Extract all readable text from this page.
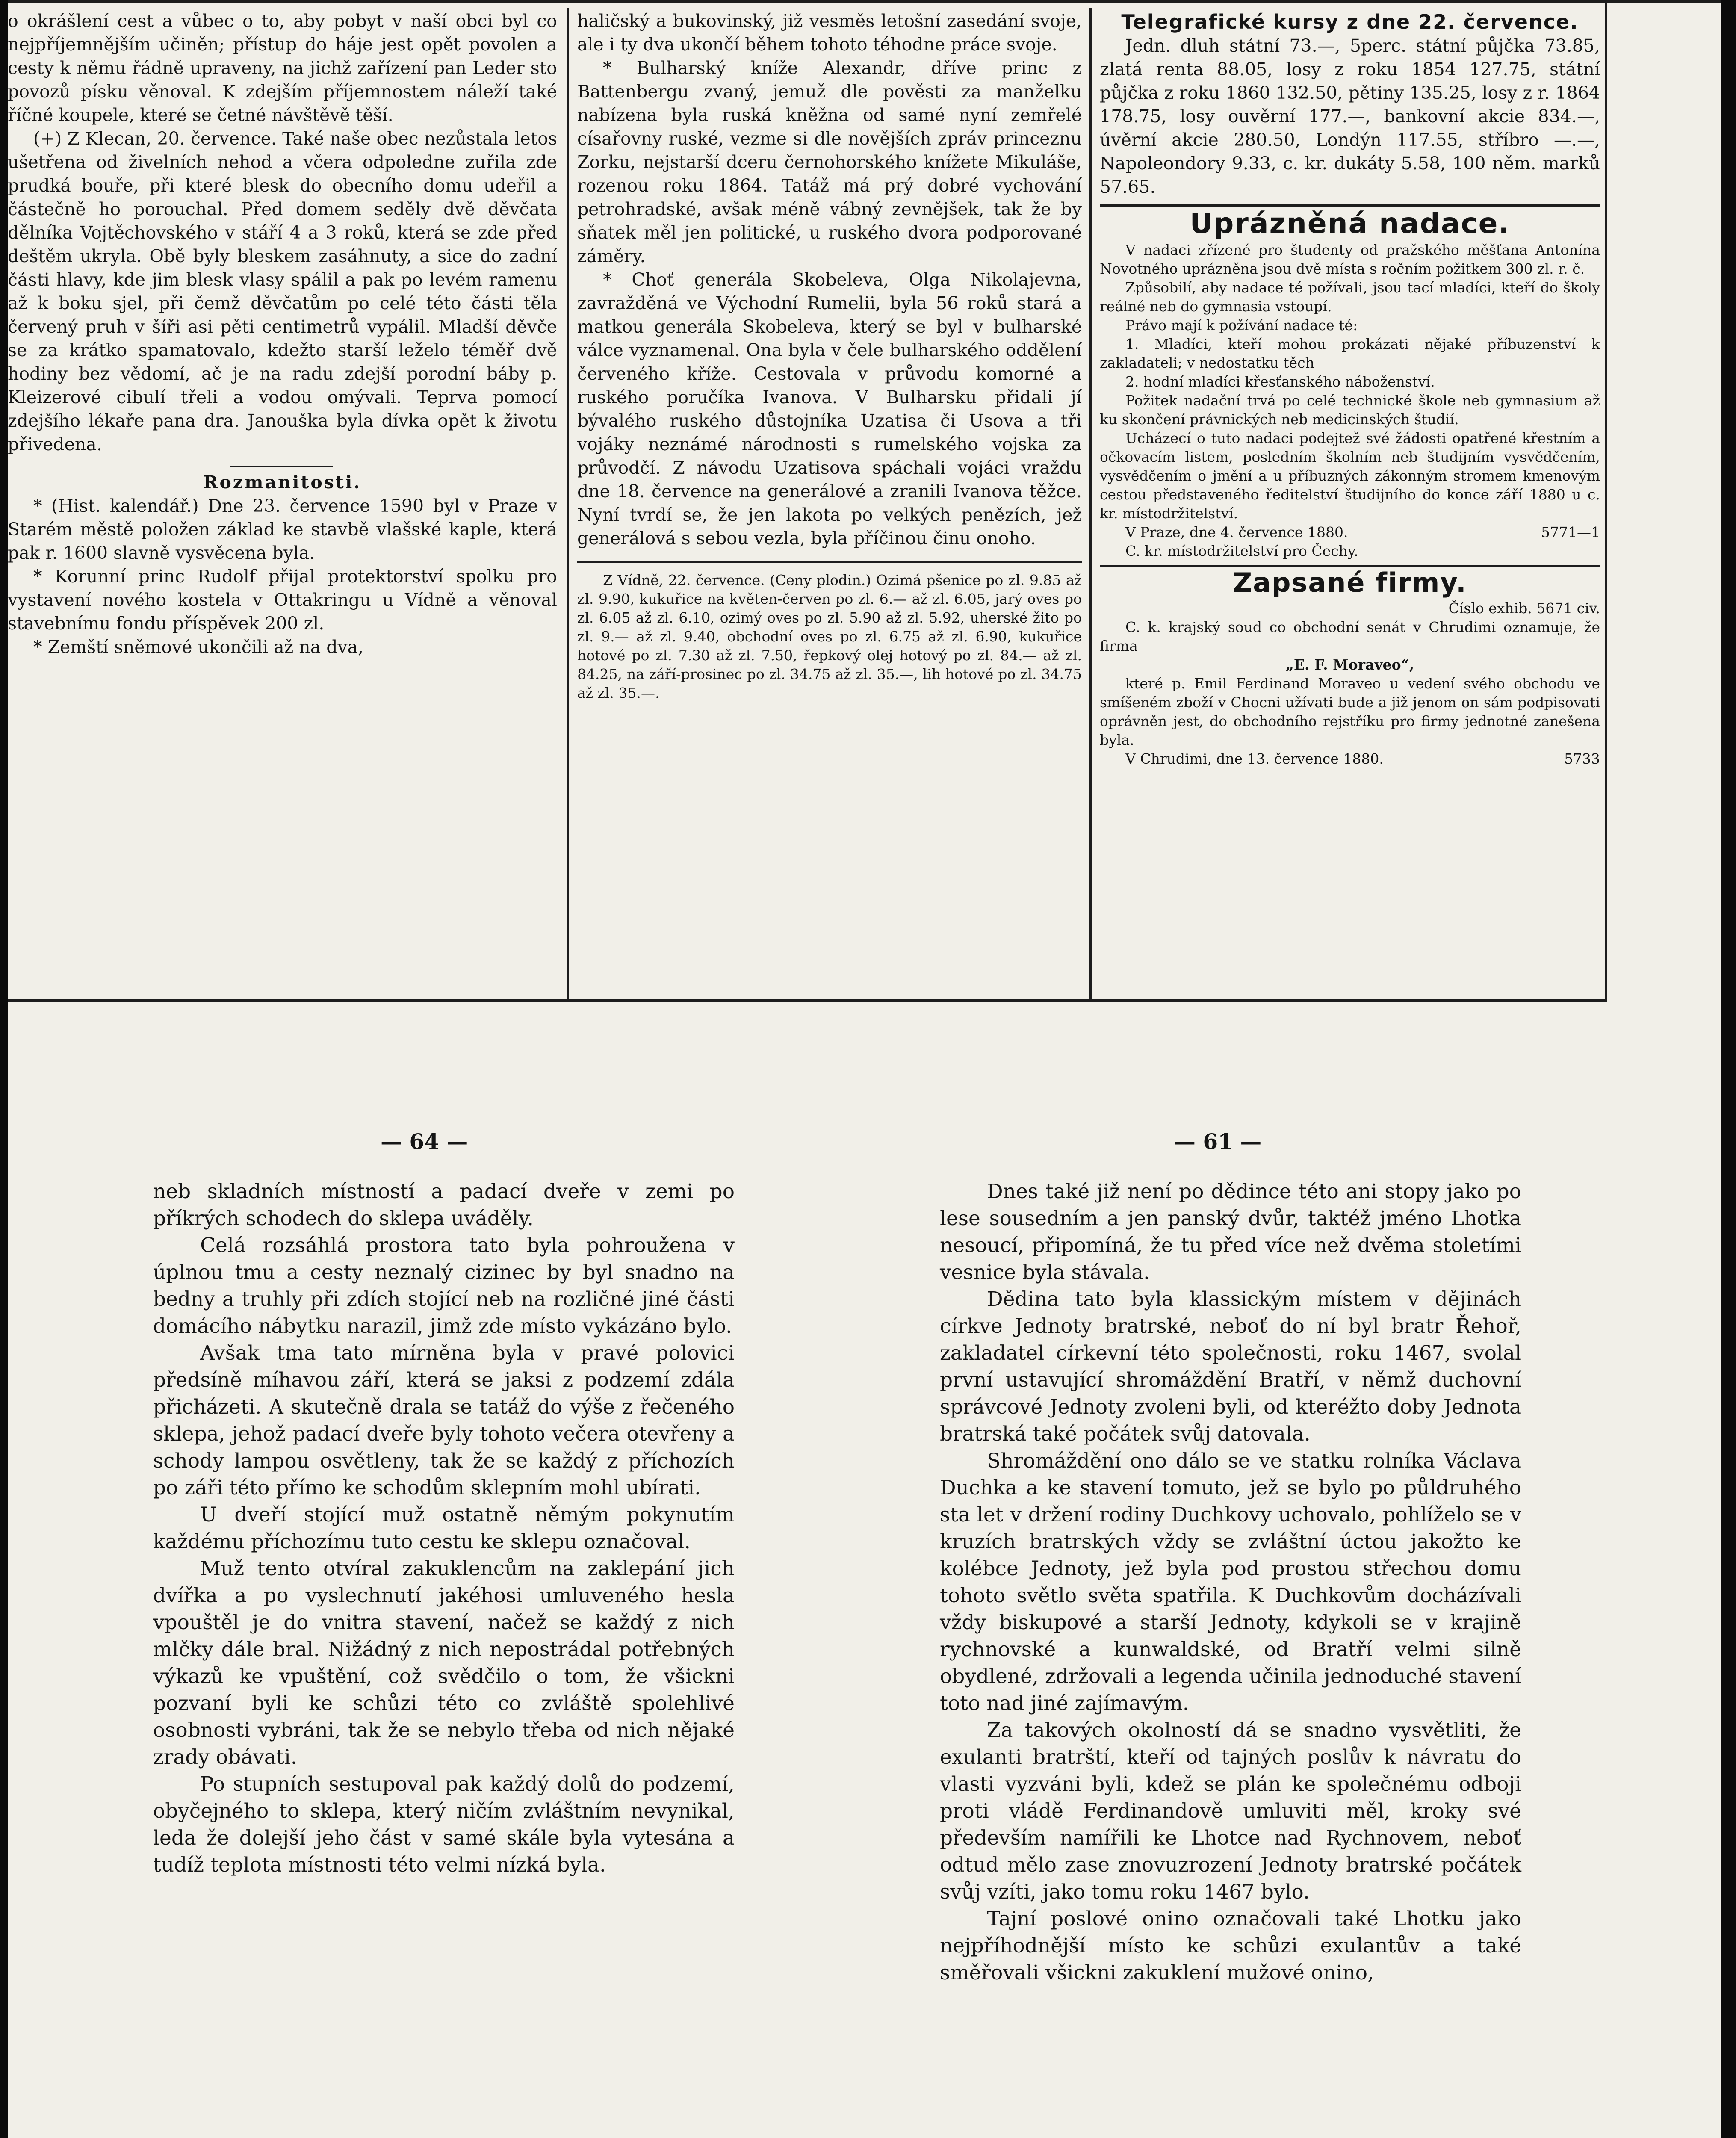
o okrášlení cest a vůbec o to, aby pobyt v naší obci byl co nejpříjemnějším učiněn; přístup do háje jest opět povolen a cesty k němu řádně upraveny, na jichž zařízení pan Leder sto povozů písku věnoval. K zdejším příjemnostem náleží také říčné koupele, které se četné návštěvě těší.

(+) Z Klecan, 20. července. Také naše obec nezůstala letos ušetřena od živelních nehod a včera odpoledne zuřila zde prudká bouře, při které blesk do obecního domu udeřil a částečně ho porouchal. Před domem seděly dvě děvčata dělníka Vojtěchovského v stáří 4 a 3 roků, která se zde před deštěm ukryla. Obě byly bleskem zasáhnuty, a sice do zadní části hlavy, kde jim blesk vlasy spálil a pak po levém ramenu až k boku sjel, při čemž děvčatům po celé této části těla červený pruh v šíři asi pěti centimetrů vypálil. Mladší děvče se za krátko spamatovalo, kdežto starší leželo téměř dvě hodiny bez vědomí, ač je na radu zdejší porodní báby p. Kleizerové cibulí třeli a vodou omývali. Teprva pomocí zdejšího lékaře pana dra. Janouška byla dívka opět k životu přivedena.

Rozmanitosti.

* (Hist. kalendář.) Dne 23. července 1590 byl v Praze v Starém městě položen základ ke stavbě vlašské kaple, která pak r. 1600 slavně vysvěcena byla.

* Korunní princ Rudolf přijal protektorství spolku pro vystavení nového kostela v Ottakringu u Vídně a věnoval stavebnímu fondu příspěvek 200 zl.

* Zemští sněmové ukončili až na dva,

haličský a bukovinský, již vesměs letošní zasedání svoje, ale i ty dva ukončí během tohoto téhodne práce svoje.

* Bulharský kníže Alexandr, dříve princ z Battenbergu zvaný, jemuž dle pověsti za manželku nabízena byla ruská kněžna od samé nyní zemřelé císařovny ruské, vezme si dle novějších zpráv princeznu Zorku, nejstarší dceru černohorského knížete Mikuláše, rozenou roku 1864. Tatáž má prý dobré vychování petrohradské, avšak méně vábný zevnějšek, tak že by sňatek měl jen politické, u ruského dvora podporované záměry.

* Choť generála Skobeleva, Olga Nikolajevna, zavražděná ve Východní Rumelii, byla 56 roků stará a matkou generála Skobeleva, který se byl v bulharské válce vyznamenal. Ona byla v čele bulharského oddělení červeného kříže. Cestovala v průvodu komorné a ruského poručíka Ivanova. V Bulharsku přidali jí bývalého ruského důstojníka Uzatisa či Usova a tři vojáky neznámé národnosti s rumelského vojska za průvodčí. Z návodu Uzatisova spáchali vojáci vraždu dne 18. července na generálové a zranili Ivanova těžce. Nyní tvrdí se, že jen lakota po velkých penězích, jež generálová s sebou vezla, byla příčinou činu onoho.

Z Vídně, 22. července. (Ceny plodin.) Ozimá pšenice po zl. 9.85 až zl. 9.90, kukuřice na květen-červen po zl. 6.— až zl. 6.05, jarý oves po zl. 6.05 až zl. 6.10, ozimý oves po zl. 5.90 až zl. 5.92, uherské žito po zl. 9.— až zl. 9.40, obchodní oves po zl. 6.75 až zl. 6.90, kukuřice hotové po zl. 7.30 až zl. 7.50, řepkový olej hotový po zl. 84.— až zl. 84.25, na září-prosinec po zl. 34.75 až zl. 35.—, lih hotové po zl. 34.75 až zl. 35.—.

Telegrafické kursy z dne 22. července.

Jedn. dluh státní 73.—, 5perc. státní půjčka 73.85, zlatá renta 88.05, losy z roku 1854 127.75, státní půjčka z roku 1860 132.50, pětiny 135.25, losy z r. 1864 178.75, losy ouvěrní 177.—, bankovní akcie 834.—, úvěrní akcie 280.50, Londýn 117.55, stříbro —.—, Napoleondory 9.33, c. kr. dukáty 5.58, 100 něm. marků 57.65.

Uprázněná nadace.

V nadaci zřízené pro študenty od pražského měšťana Antonína Novotného uprázněna jsou dvě místa s ročním požitkem 300 zl. r. č.

Způsobilí, aby nadace té požívali, jsou tací mladíci, kteří do školy reálné neb do gymnasia vstoupí.

Právo mají k požívání nadace té:

1. Mladíci, kteří mohou prokázati nějaké příbuzenství k zakladateli; v nedostatku těch

2. hodní mladíci křesťanského náboženství.

Požitek nadační trvá po celé technické škole neb gymnasium až ku skončení právnických neb medicinských študií.

Ucházecí o tuto nadaci podejtež své žádosti opatřené křestním a očkovacím listem, posledním školním neb študijním vysvědčením, vysvědčením o jmění a u příbuzných zákonným stromem kmenovým cestou představeného ředitelství študijního do konce září 1880 u c. kr. místodržitelství.

V Praze, dne 4. července 1880.	5771—1

C. kr. místodržitelství pro Čechy.

Zapsané firmy.

Číslo exhib. 5671 civ.

C. k. krajský soud co obchodní senát v Chrudimi oznamuje, že firma

„E. F. Moraveo“,

které p. Emil Ferdinand Moraveo u vedení svého obchodu ve smíšeném zboží v Chocni užívati bude a již jenom on sám podpisovati oprávněn jest, do obchodního rejstříku pro firmy jednotné zanešena byla.

V Chrudimi, dne 13. července 1880.	5733

— 64 —	— 61 —

neb skladních místností a padací dveře v zemi po příkrých schodech do sklepa uváděly.

Celá rozsáhlá prostora tato byla pohroužena v úplnou tmu a cesty neznalý cizinec by byl snadno na bedny a truhly při zdích stojící neb na rozličné jiné části domácího nábytku narazil, jimž zde místo vykázáno bylo.

Avšak tma tato mírněna byla v pravé polovici předsíně míhavou září, která se jaksi z podzemí zdála přicházeti. A skutečně drala se tatáž do výše z řečeného sklepa, jehož padací dveře byly tohoto večera otevřeny a schody lampou osvětleny, tak že se každý z příchozích po záři této přímo ke schodům sklepním mohl ubírati.

U dveří stojící muž ostatně němým pokynutím každému příchozímu tuto cestu ke sklepu označoval.

Muž tento otvíral zakuklencům na zaklepání jich dvířka a po vyslechnutí jakéhosi umluveného hesla vpouštěl je do vnitra stavení, načež se každý z nich mlčky dále bral. Nižádný z nich nepostrádal potřebných výkazů ke vpuštění, což svědčilo o tom, že všickni pozvaní byli ke schůzi této co zvláště spolehlivé osobnosti vybráni, tak že se nebylo třeba od nich nějaké zrady obávati.

Po stupních sestupoval pak každý dolů do podzemí, obyčejného to sklepa, který ničím zvláštním nevynikal, leda že dolejší jeho část v samé skále byla vytesána a tudíž teplota místnosti této velmi nízká byla.

Dnes také již není po dědince této ani stopy jako po lese sousedním a jen panský dvůr, taktéž jméno Lhotka nesoucí, připomíná, že tu před více než dvěma stoletími vesnice byla stávala.

Dědina tato byla klassickým místem v dějinách církve Jednoty bratrské, neboť do ní byl bratr Řehoř, zakladatel církevní této společnosti, roku 1467, svolal první ustavující shromáždění Bratří, v němž duchovní správcové Jednoty zvoleni byli, od kteréžto doby Jednota bratrská také počátek svůj datovala.

Shromáždění ono dálo se ve statku rolníka Václava Duchka a ke stavení tomuto, jež se bylo po půldruhého sta let v držení rodiny Duchkovy uchovalo, pohlíželo se v kruzích bratrských vždy se zvláštní úctou jakožto ke kolébce Jednoty, jež byla pod prostou střechou domu tohoto světlo světa spatřila. K Duchkovům docházívali vždy biskupové a starší Jednoty, kdykoli se v krajině rychnovské a kunwaldské, od Bratří velmi silně obydlené, zdržovali a legenda učinila jednoduché stavení toto nad jiné zajímavým.

Za takových okolností dá se snadno vysvětliti, že exulanti bratrští, kteří od tajných poslův k návratu do vlasti vyzváni byli, kdež se plán ke společnému odboji proti vládě Ferdinandově umluviti měl, kroky své především namířili ke Lhotce nad Rychnovem, neboť odtud mělo zase znovuzrození Jednoty bratrské počátek svůj vzíti, jako tomu roku 1467 bylo.

Tajní poslové onino označovali také Lhotku jako nejpříhodnější místo ke schůzi exulantův a také směřovali všickni zakuklení mužové onino,
